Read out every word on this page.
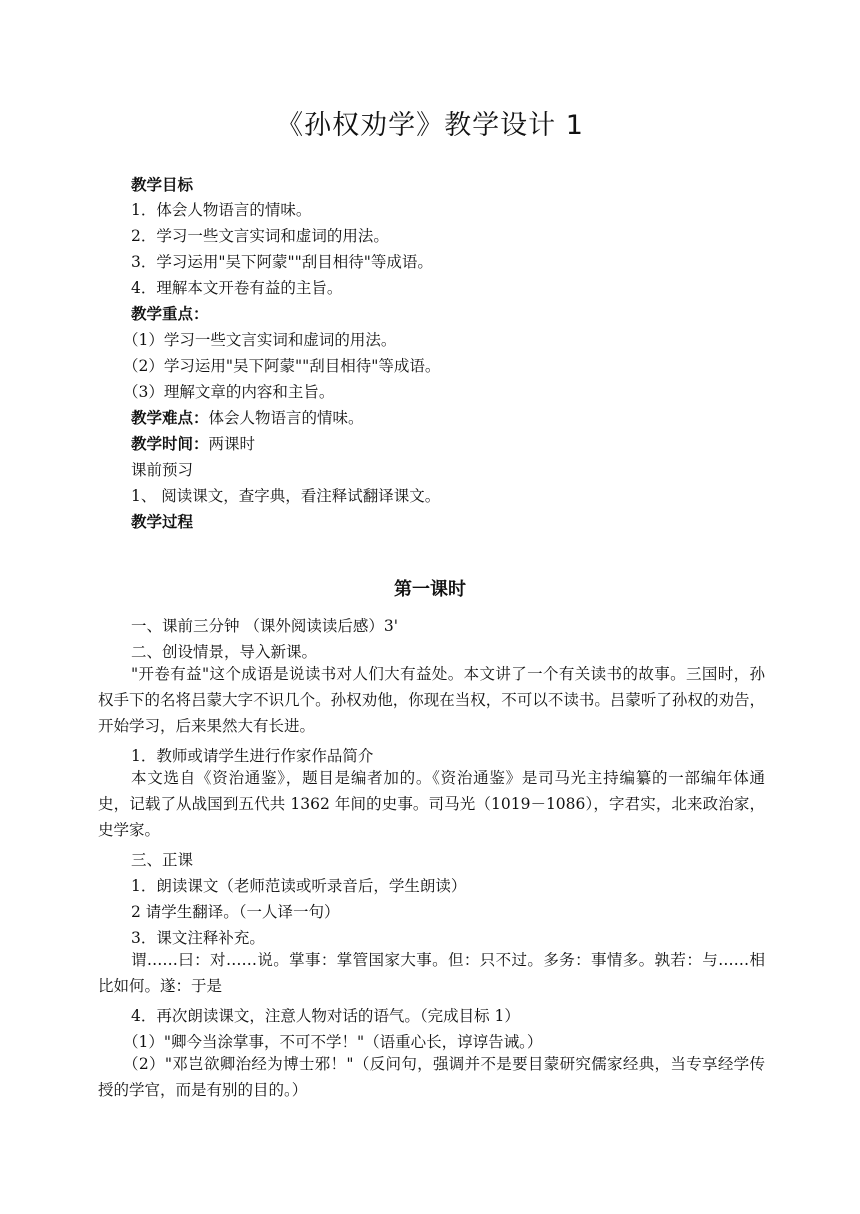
《孙权劝学》教学设计 1
教学目标
1．体会人物语言的情味。
2．学习一些文言实词和虚词的用法。
3．学习运用"吴下阿蒙""刮目相待"等成语。
4．理解本文开卷有益的主旨。
教学重点：
（1）学习一些文言实词和虚词的用法。
（2）学习运用"吴下阿蒙""刮目相待"等成语。
（3）理解文章的内容和主旨。
教学难点：体会人物语言的情味。
教学时间：两课时
课前预习
1、 阅读课文，查字典，看注释试翻译课文。
教学过程
第一课时
一、课前三分钟 （课外阅读读后感）3'
二、创设情景，导入新课。
"开卷有益"这个成语是说读书对人们大有益处。本文讲了一个有关读书的故事。三国时，孙权手下的名将吕蒙大字不识几个。孙权劝他，你现在当权，不可以不读书。吕蒙听了孙权的劝告，开始学习，后来果然大有长进。
1．教师或请学生进行作家作品简介
本文选自《资治通鉴》，题目是编者加的。《资治通鉴》是司马光主持编纂的一部编年体通史，记载了从战国到五代共 1362 年间的史事。司马光（1019－1086），字君实，北来政治家，史学家。
三、正课
1．朗读课文（老师范读或听录音后，学生朗读）
2 请学生翻译。（一人译一句）
3．课文注释补充。
谓……曰：对……说。掌事：掌管国家大事。但：只不过。多务：事情多。孰若：与……相比如何。遂：于是
4．再次朗读课文，注意人物对话的语气。（完成目标 1）
（1）"卿今当涂掌事，不可不学！"（语重心长，谆谆告诫。）
（2）"邓岂欲卿治经为博士邪！"（反问句，强调并不是要目蒙研究儒家经典，当专享经学传授的学官，而是有别的目的。）
